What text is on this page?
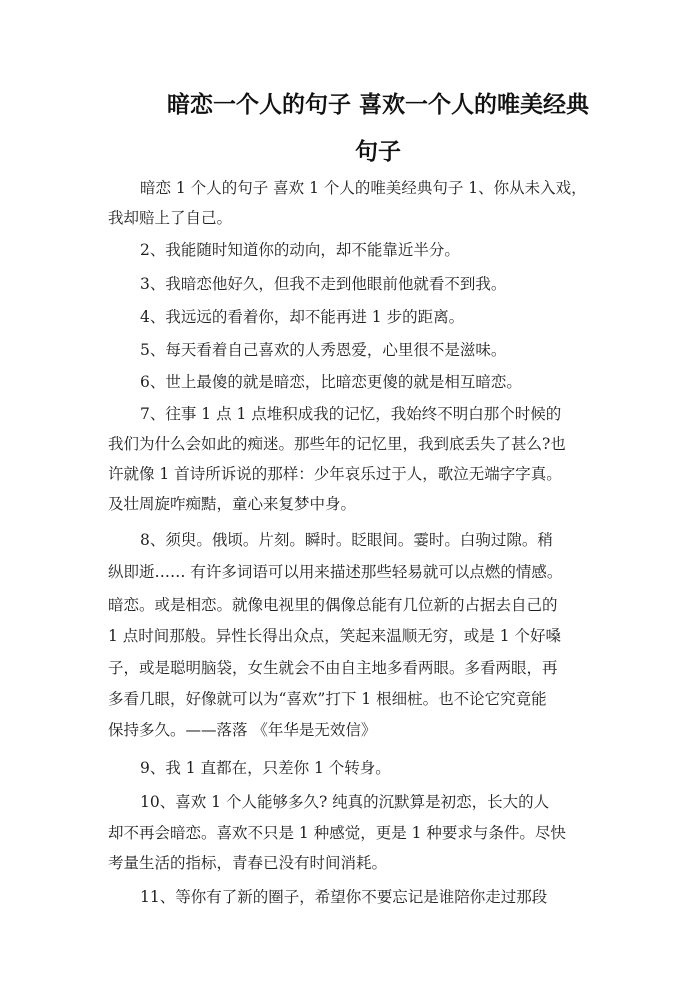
暗恋一个人的句子 喜欢一个人的唯美经典
句子
暗恋 1 个人的句子 喜欢 1 个人的唯美经典句子 1、你从未入戏，
我却赔上了自己。
2、我能随时知道你的动向，却不能靠近半分。
3、我暗恋他好久，但我不走到他眼前他就看不到我。
4、我远远的看着你，却不能再进 1 步的距离。
5、每天看着自己喜欢的人秀恩爱，心里很不是滋味。
6、世上最傻的就是暗恋，比暗恋更傻的就是相互暗恋。
7、往事 1 点 1 点堆积成我的记忆，我始终不明白那个时候的
我们为什么会如此的痴迷。那些年的记忆里，我到底丢失了甚么?也
许就像 1 首诗所诉说的那样：少年哀乐过于人，歌泣无端字字真。
及壮周旋咋痴黠，童心来复梦中身。
8、须臾。俄顷。片刻。瞬时。眨眼间。霎时。白驹过隙。稍
纵即逝…… 有许多词语可以用来描述那些轻易就可以点燃的情感。
暗恋。或是相恋。就像电视里的偶像总能有几位新的占据去自己的
1 点时间那般。异性长得出众点，笑起来温顺无穷，或是 1 个好嗓
子，或是聪明脑袋，女生就会不由自主地多看两眼。多看两眼，再
多看几眼，好像就可以为“喜欢”打下 1 根细桩。也不论它究竟能
保持多久。——落落 《年华是无效信》
9、我 1 直都在，只差你 1 个转身。
10、喜欢 1 个人能够多久? 纯真的沉默算是初恋，长大的人
却不再会暗恋。喜欢不只是 1 种感觉，更是 1 种要求与条件。尽快
考量生活的指标，青春已没有时间消耗。
11、等你有了新的圈子，希望你不要忘记是谁陪你走过那段
